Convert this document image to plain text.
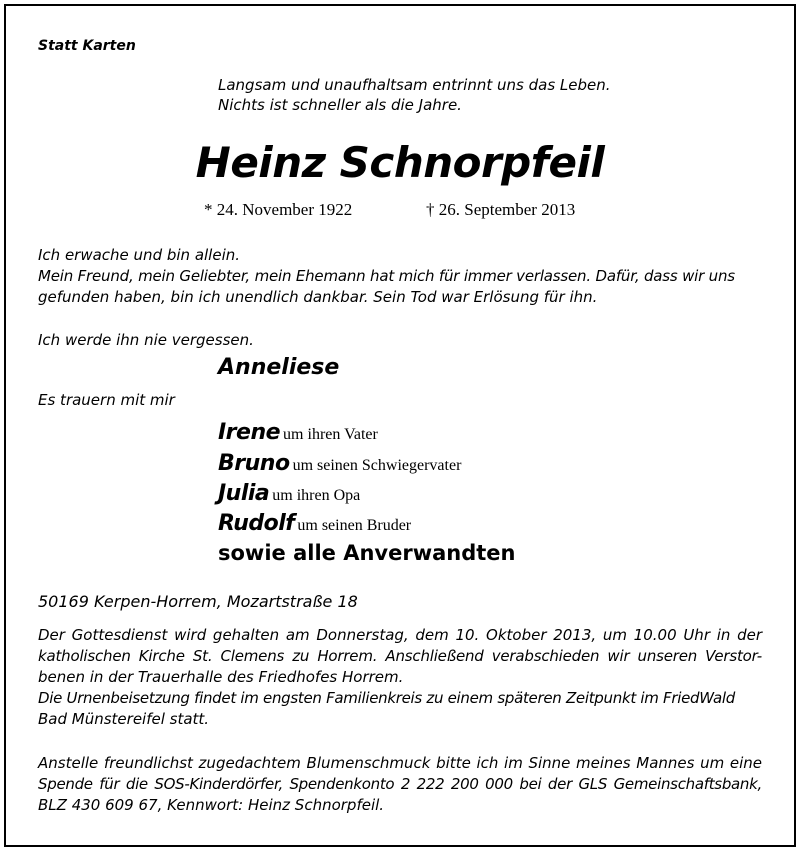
Statt Karten
Langsam und unaufhaltsam entrinnt uns das Leben.
Nichts ist schneller als die Jahre.
Heinz Schnorpfeil
* 24. November 1922	† 26. September 2013
Ich erwache und bin allein.
Mein Freund, mein Geliebter, mein Ehemann hat mich für immer verlassen. Dafür, dass wir uns
gefunden haben, bin ich unendlich dankbar. Sein Tod war Erlösung für ihn.
Ich werde ihn nie vergessen.
Anneliese
Es trauern mit mir
Irene um ihren Vater
Bruno um seinen Schwiegervater
Julia um ihren Opa
Rudolf um seinen Bruder
sowie alle Anverwandten
50169 Kerpen-Horrem, Mozartstraße 18
Der Gottesdienst wird gehalten am Donnerstag, dem 10. Oktober 2013, um 10.00 Uhr in der
katholischen Kirche St. Clemens zu Horrem. Anschließend verabschieden wir unseren Verstor-
benen in der Trauerhalle des Friedhofes Horrem.
Die Urnenbeisetzung findet im engsten Familienkreis zu einem späteren Zeitpunkt im FriedWald
Bad Münstereifel statt.
Anstelle freundlichst zugedachtem Blumenschmuck bitte ich im Sinne meines Mannes um eine
Spende für die SOS-Kinderdörfer, Spendenkonto 2 222 200 000 bei der GLS Gemeinschaftsbank,
BLZ 430 609 67, Kennwort: Heinz Schnorpfeil.
